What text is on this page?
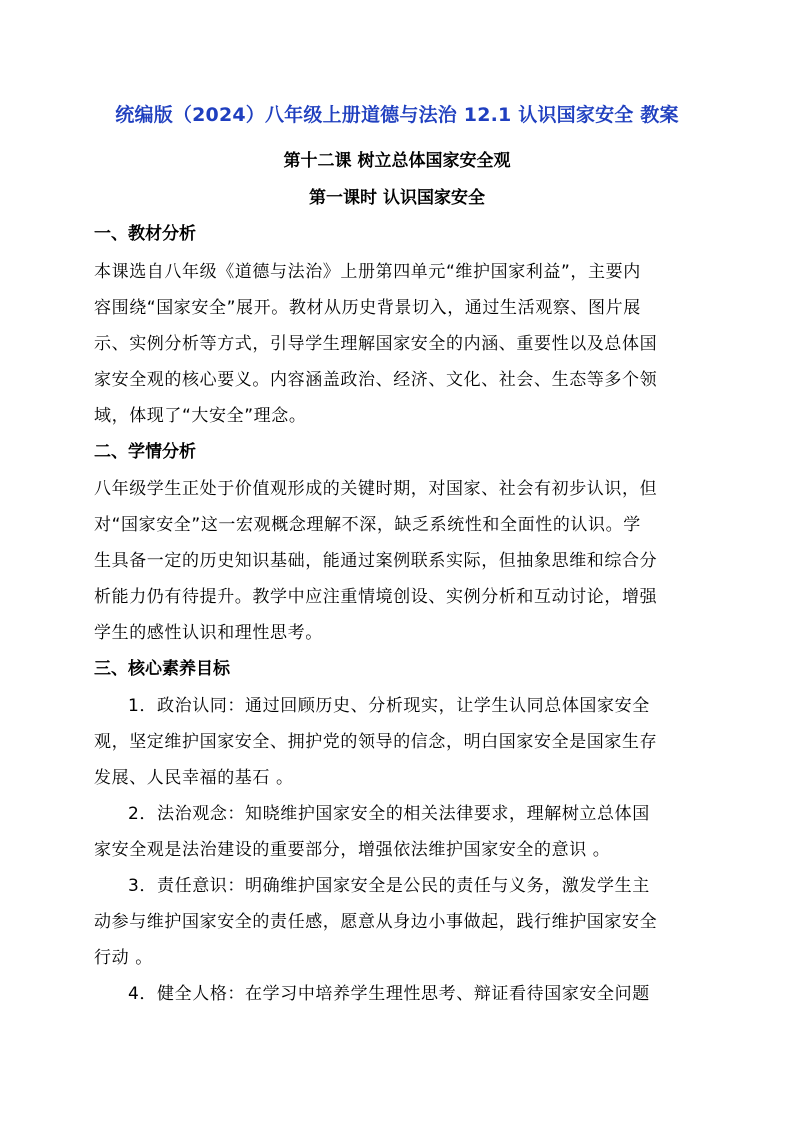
统编版（2024）八年级上册道德与法治 12.1 认识国家安全 教案
第十二课 树立总体国家安全观
第一课时 认识国家安全
一、教材分析
本课选自八年级《道德与法治》上册第四单元“维护国家利益”，主要内
容围绕“国家安全”展开。教材从历史背景切入，通过生活观察、图片展
示、实例分析等方式，引导学生理解国家安全的内涵、重要性以及总体国
家安全观的核心要义。内容涵盖政治、经济、文化、社会、生态等多个领
域，体现了“大安全”理念。
二、学情分析
八年级学生正处于价值观形成的关键时期，对国家、社会有初步认识，但
对“国家安全”这一宏观概念理解不深，缺乏系统性和全面性的认识。学
生具备一定的历史知识基础，能通过案例联系实际，但抽象思维和综合分
析能力仍有待提升。教学中应注重情境创设、实例分析和互动讨论，增强
学生的感性认识和理性思考。
三、核心素养目标
1．政治认同：通过回顾历史、分析现实，让学生认同总体国家安全
观，坚定维护国家安全、拥护党的领导的信念，明白国家安全是国家生存
发展、人民幸福的基石 。
2．法治观念：知晓维护国家安全的相关法律要求，理解树立总体国
家安全观是法治建设的重要部分，增强依法维护国家安全的意识 。
3．责任意识：明确维护国家安全是公民的责任与义务，激发学生主
动参与维护国家安全的责任感，愿意从身边小事做起，践行维护国家安全
行动 。
4．健全人格：在学习中培养学生理性思考、辩证看待国家安全问题
